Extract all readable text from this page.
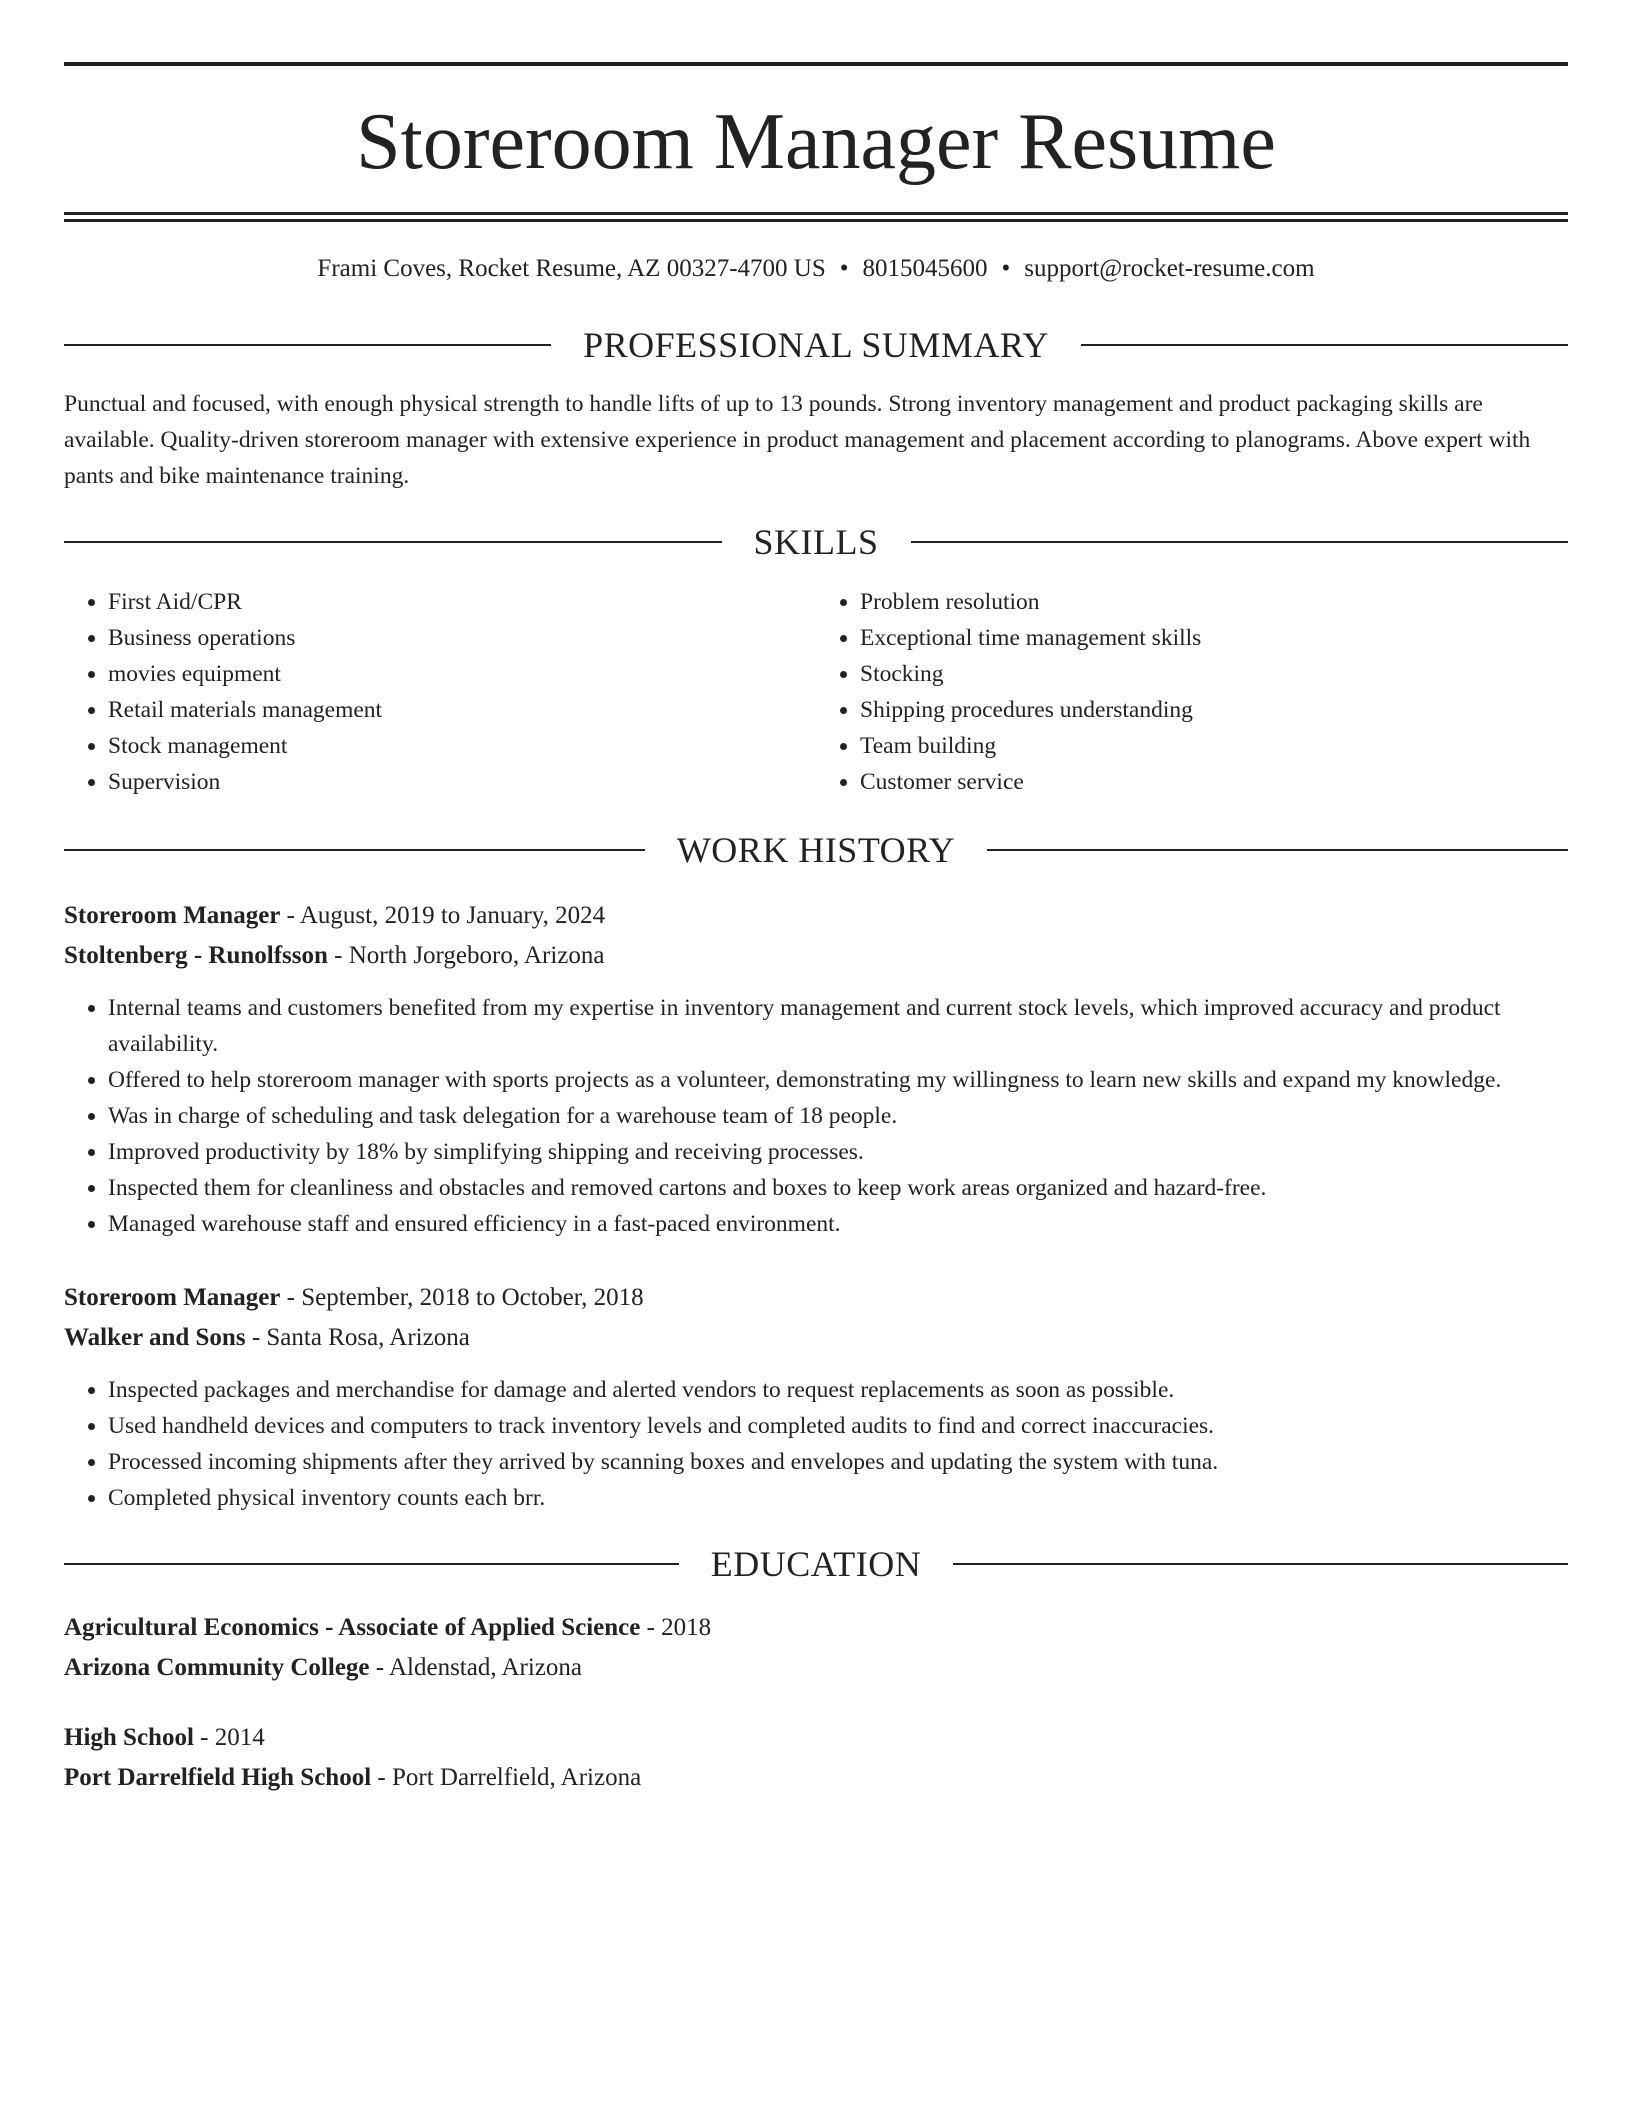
Storeroom Manager Resume
Frami Coves, Rocket Resume, AZ 00327-4700 US • 8015045600 • support@rocket-resume.com
PROFESSIONAL SUMMARY

Punctual and focused, with enough physical strength to handle lifts of up to 13 pounds. Strong inventory management and product packaging skills are available. Quality-driven storeroom manager with extensive experience in product management and placement according to planograms. Above expert with pants and bike maintenance training.

SKILLS
• First Aid/CPR
• Business operations
• movies equipment
• Retail materials management
• Stock management
• Supervision
• Problem resolution
• Exceptional time management skills
• Stocking
• Shipping procedures understanding
• Team building
• Customer service
WORK HISTORY
Storeroom Manager - August, 2019 to January, 2024
Stoltenberg - Runolfsson - North Jorgeboro, Arizona
• Internal teams and customers benefited from my expertise in inventory management and current stock levels, which improved accuracy and product availability.
• Offered to help storeroom manager with sports projects as a volunteer, demonstrating my willingness to learn new skills and expand my knowledge.
• Was in charge of scheduling and task delegation for a warehouse team of 18 people.
• Improved productivity by 18% by simplifying shipping and receiving processes.
• Inspected them for cleanliness and obstacles and removed cartons and boxes to keep work areas organized and hazard-free.
• Managed warehouse staff and ensured efficiency in a fast-paced environment.
Storeroom Manager - September, 2018 to October, 2018
Walker and Sons - Santa Rosa, Arizona
• Inspected packages and merchandise for damage and alerted vendors to request replacements as soon as possible.
• Used handheld devices and computers to track inventory levels and completed audits to find and correct inaccuracies.
• Processed incoming shipments after they arrived by scanning boxes and envelopes and updating the system with tuna.
• Completed physical inventory counts each brr.
EDUCATION
Agricultural Economics - Associate of Applied Science - 2018
Arizona Community College - Aldenstad, Arizona
High School - 2014
Port Darrelfield High School - Port Darrelfield, Arizona
